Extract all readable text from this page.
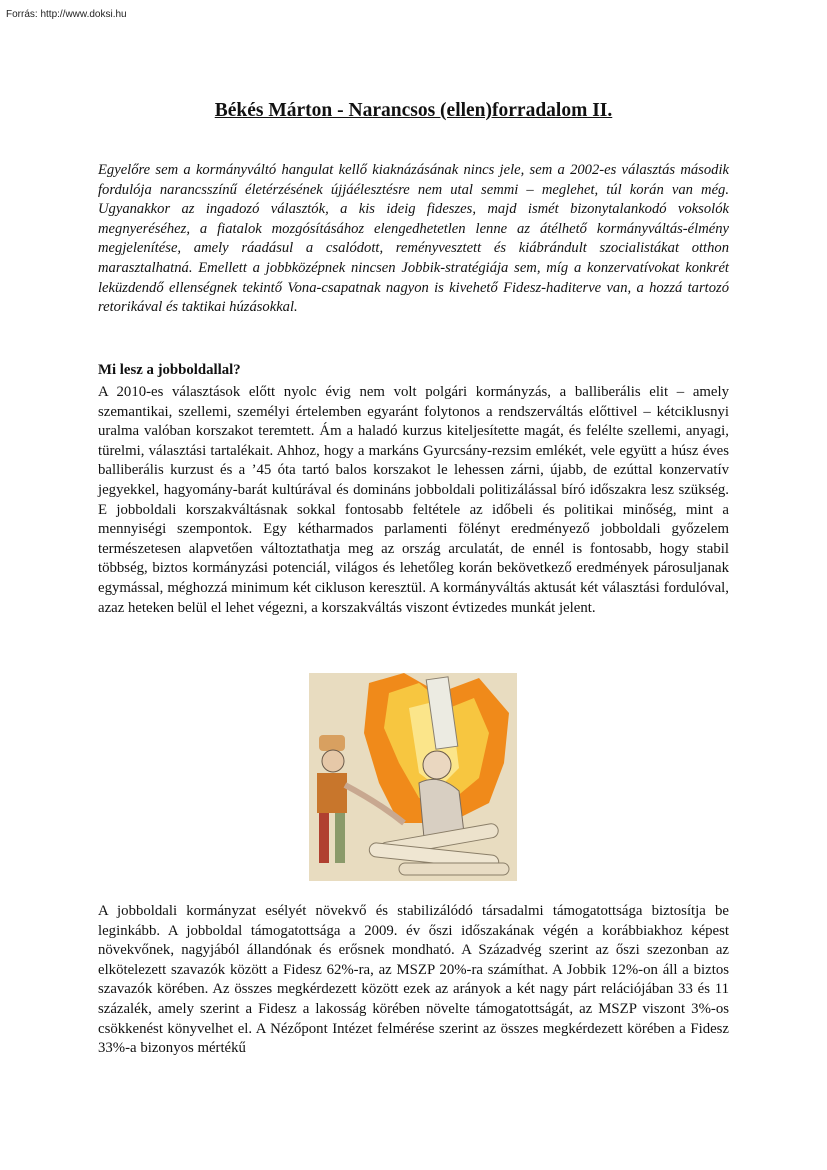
Forrás: http://www.doksi.hu
Békés Márton - Narancsos (ellen)forradalom II.

Egyelőre sem a kormányváltó hangulat kellő kiaknázásának nincs jele, sem a 2002-es választás második fordulója narancsszínű életérzésének újjáélesztésre nem utal semmi – meglehet, túl korán van még. Ugyanakkor az ingadozó választók, a kis ideig fideszes, majd ismét bizonytalankodó voksolók megnyeréséhez, a fiatalok mozgósításához elengedhetetlen lenne az átélhető kormányváltás-élmény megjelenítése, amely ráadásul a csalódott, reményvesztett és kiábrándult szocialistákat otthon marasztalhatná. Emellett a jobbközépnek nincsen Jobbik-stratégiája sem, míg a konzervatívokat konkrét leküzdendő ellenségnek tekintő Vona-csapatnak nagyon is kivehető Fidesz-haditerve van, a hozzá tartozó retorikával és taktikai húzásokkal.

Mi lesz a jobboldallal?

A 2010-es választások előtt nyolc évig nem volt polgári kormányzás, a balliberális elit – amely szemantikai, szellemi, személyi értelemben egyaránt folytonos a rendszerváltás előttivel – kétciklusnyi uralma valóban korszakot teremtett. Ám a haladó kurzus kiteljesítette magát, és felélte szellemi, anyagi, türelmi, választási tartalékait. Ahhoz, hogy a markáns Gyurcsány-rezsim emlékét, vele együtt a húsz éves balliberális kurzust és a ’45 óta tartó balos korszakot le lehessen zárni, újabb, de ezúttal konzervatív jegyekkel, hagyomány-barát kultúrával és domináns jobboldali politizálással bíró időszakra lesz szükség. E jobboldali korszakváltásnak sokkal fontosabb feltétele az időbeli és politikai minőség, mint a mennyiségi szempontok. Egy kétharmados parlamenti fölényt eredményező jobboldali győzelem természetesen alapvetően változtathatja meg az ország arculatát, de ennél is fontosabb, hogy stabil többség, biztos kormányzási potenciál, világos és lehetőleg korán bekövetkező eredmények párosuljanak egymással, méghozzá minimum két cikluson keresztül. A kormányváltás aktusát két választási fordulóval, azaz heteken belül el lehet végezni, a korszakváltás viszont évtizedes munkát jelent.

A jobboldali kormányzat esélyét növekvő és stabilizálódó társadalmi támogatottsága biztosítja be leginkább. A jobboldal támogatottsága a 2009. év őszi időszakának végén a korábbiakhoz képest növekvőnek, nagyjából állandónak és erősnek mondható. A Századvég szerint az őszi szezonban az elkötelezett szavazók között a Fidesz 62%-ra, az MSZP 20%-ra számíthat. A Jobbik 12%-on áll a biztos szavazók körében. Az összes megkérdezett között ezek az arányok a két nagy párt relációjában 33 és 11 százalék, amely szerint a Fidesz a lakosság körében növelte támogatottságát, az MSZP viszont 3%-os csökkenést könyvelhet el. A Nézőpont Intézet felmérése szerint az összes megkérdezett körében a Fidesz 33%-a bizonyos mértékű
